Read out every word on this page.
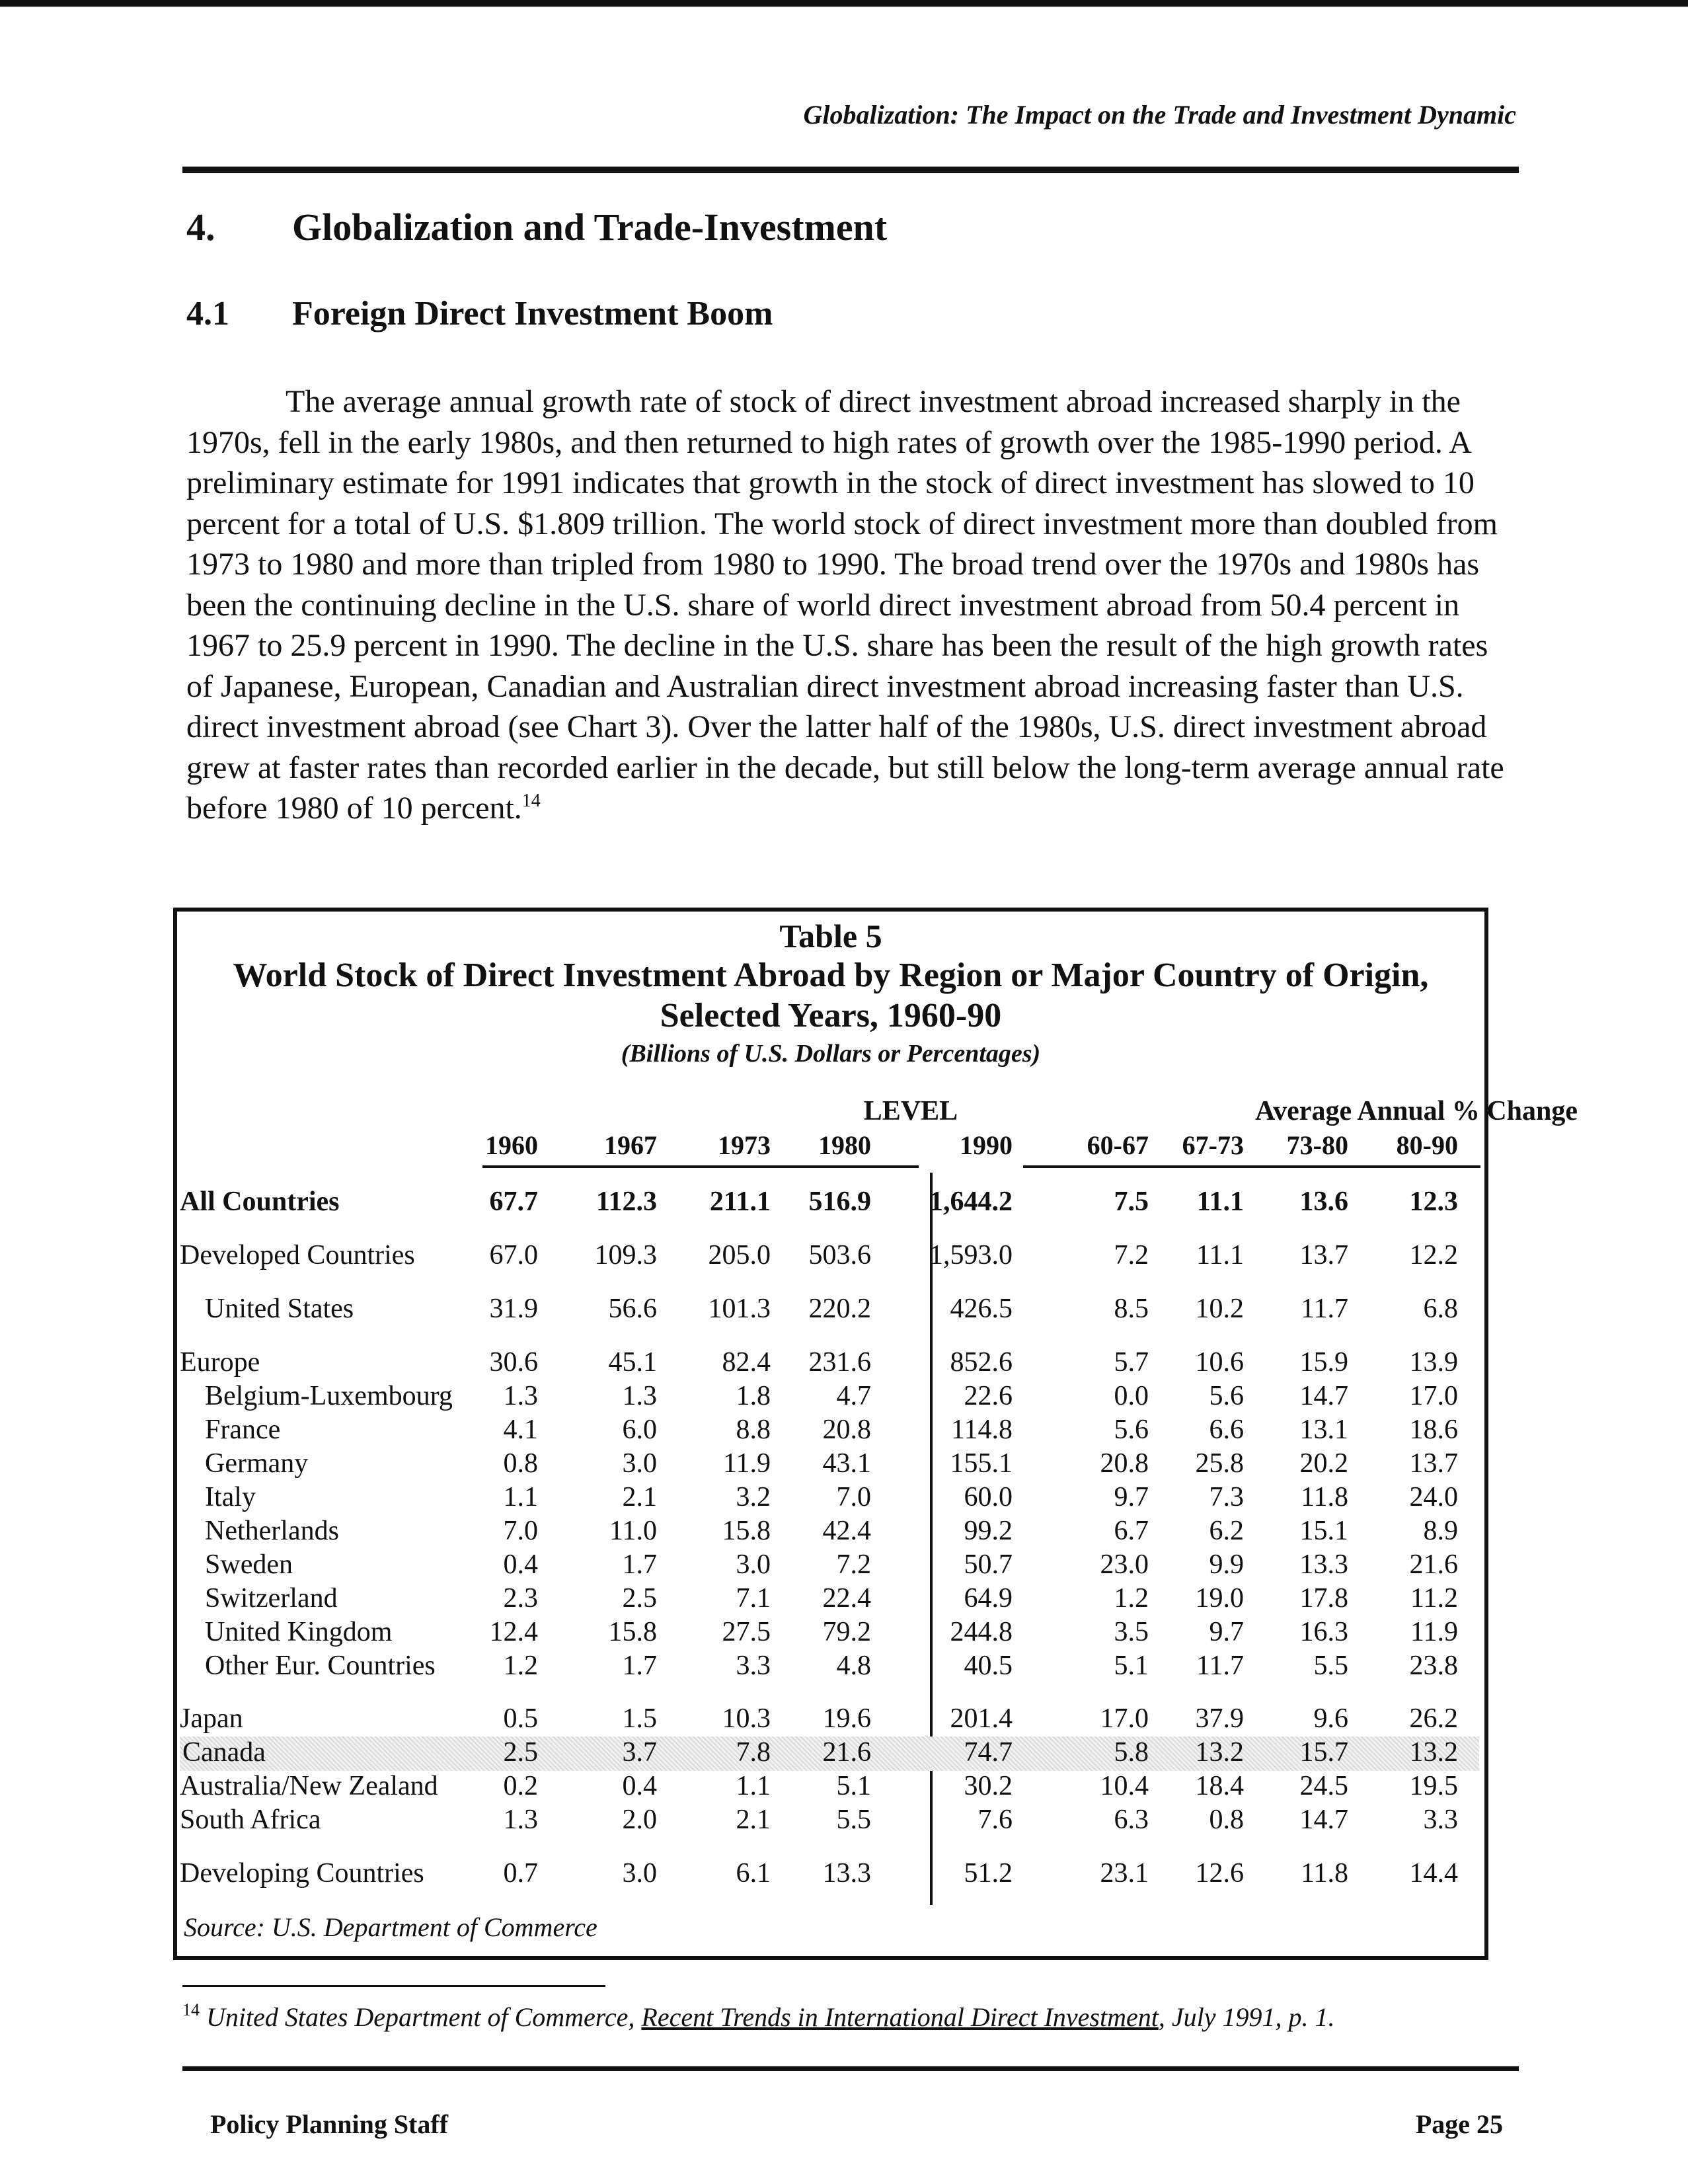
Globalization: The Impact on the Trade and Investment Dynamic
4. Globalization and Trade-Investment
4.1 Foreign Direct Investment Boom

The average annual growth rate of stock of direct investment abroad increased sharply in the 1970s, fell in the early 1980s, and then returned to high rates of growth over the 1985-1990 period. A preliminary estimate for 1991 indicates that growth in the stock of direct investment has slowed to 10 percent for a total of U.S. $1.809 trillion. The world stock of direct investment more than doubled from 1973 to 1980 and more than tripled from 1980 to 1990. The broad trend over the 1970s and 1980s has been the continuing decline in the U.S. share of world direct investment abroad from 50.4 percent in 1967 to 25.9 percent in 1990. The decline in the U.S. share has been the result of the high growth rates of Japanese, European, Canadian and Australian direct investment abroad increasing faster than U.S. direct investment abroad (see Chart 3). Over the latter half of the 1980s, U.S. direct investment abroad grew at faster rates than recorded earlier in the decade, but still below the long-term average annual rate before 1980 of 10 percent.$^{14}$

Table 5
World Stock of Direct Investment Abroad by Region or Major Country of Origin,
Selected Years, 1960-90
(Billions of U.S. Dollars or Percentages)
LEVEL	Average Annual % Change
1960	1967	1973	1980	1990	60-67	67-73	73-80	80-90
All Countries	67.7	112.3	211.1	516.9	1,644.2	7.5	11.1	13.6	12.3
Developed Countries	67.0	109.3	205.0	503.6	1,593.0	7.2	11.1	13.7	12.2
United States	31.9	56.6	101.3	220.2	426.5	8.5	10.2	11.7	6.8
Europe	30.6	45.1	82.4	231.6	852.6	5.7	10.6	15.9	13.9
Belgium-Luxembourg	1.3	1.3	1.8	4.7	22.6	0.0	5.6	14.7	17.0
France	4.1	6.0	8.8	20.8	114.8	5.6	6.6	13.1	18.6
Germany	0.8	3.0	11.9	43.1	155.1	20.8	25.8	20.2	13.7
Italy	1.1	2.1	3.2	7.0	60.0	9.7	7.3	11.8	24.0
Netherlands	7.0	11.0	15.8	42.4	99.2	6.7	6.2	15.1	8.9
Sweden	0.4	1.7	3.0	7.2	50.7	23.0	9.9	13.3	21.6
Switzerland	2.3	2.5	7.1	22.4	64.9	1.2	19.0	17.8	11.2
United Kingdom	12.4	15.8	27.5	79.2	244.8	3.5	9.7	16.3	11.9
Other Eur. Countries	1.2	1.7	3.3	4.8	40.5	5.1	11.7	5.5	23.8
Japan	0.5	1.5	10.3	19.6	201.4	17.0	37.9	9.6	26.2
Canada	2.5	3.7	7.8	21.6	74.7	5.8	13.2	15.7	13.2
Australia/New Zealand	0.2	0.4	1.1	5.1	30.2	10.4	18.4	24.5	19.5
South Africa	1.3	2.0	2.1	5.5	7.6	6.3	0.8	14.7	3.3
Developing Countries	0.7	3.0	6.1	13.3	51.2	23.1	12.6	11.8	14.4
Source: U.S. Department of Commerce
$^{14}$ United States Department of Commerce, Recent Trends in International Direct Investment, July 1991, p. 1.
Policy Planning Staff	Page 25
